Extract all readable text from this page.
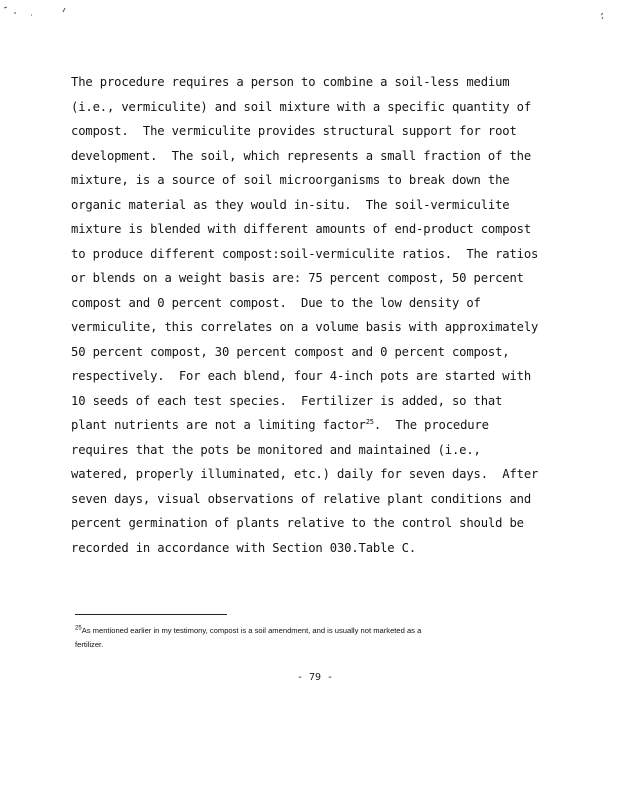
The procedure requires a person to combine a soil-less medium
(i.e., vermiculite) and soil mixture with a specific quantity of
compost.  The vermiculite provides structural support for root
development.  The soil, which represents a small fraction of the
mixture, is a source of soil microorganisms to break down the
organic material as they would in-situ.  The soil-vermiculite
mixture is blended with different amounts of end-product compost
to produce different compost:soil-vermiculite ratios.  The ratios
or blends on a weight basis are: 75 percent compost, 50 percent
compost and 0 percent compost.  Due to the low density of
vermiculite, this correlates on a volume basis with approximately
50 percent compost, 30 percent compost and 0 percent compost,
respectively.  For each blend, four 4-inch pots are started with
10 seeds of each test species.  Fertilizer is added, so that
plant nutrients are not a limiting factor$^{25}$.  The procedure
requires that the pots be monitored and maintained (i.e.,
watered, properly illuminated, etc.) daily for seven days.  After
seven days, visual observations of relative plant conditions and
percent germination of plants relative to the control should be
recorded in accordance with Section 030.Table C.
$^{25}$As mentioned earlier in my testimony, compost is a soil amendment, and is usually not marketed as a
fertilizer.
- 79 -
